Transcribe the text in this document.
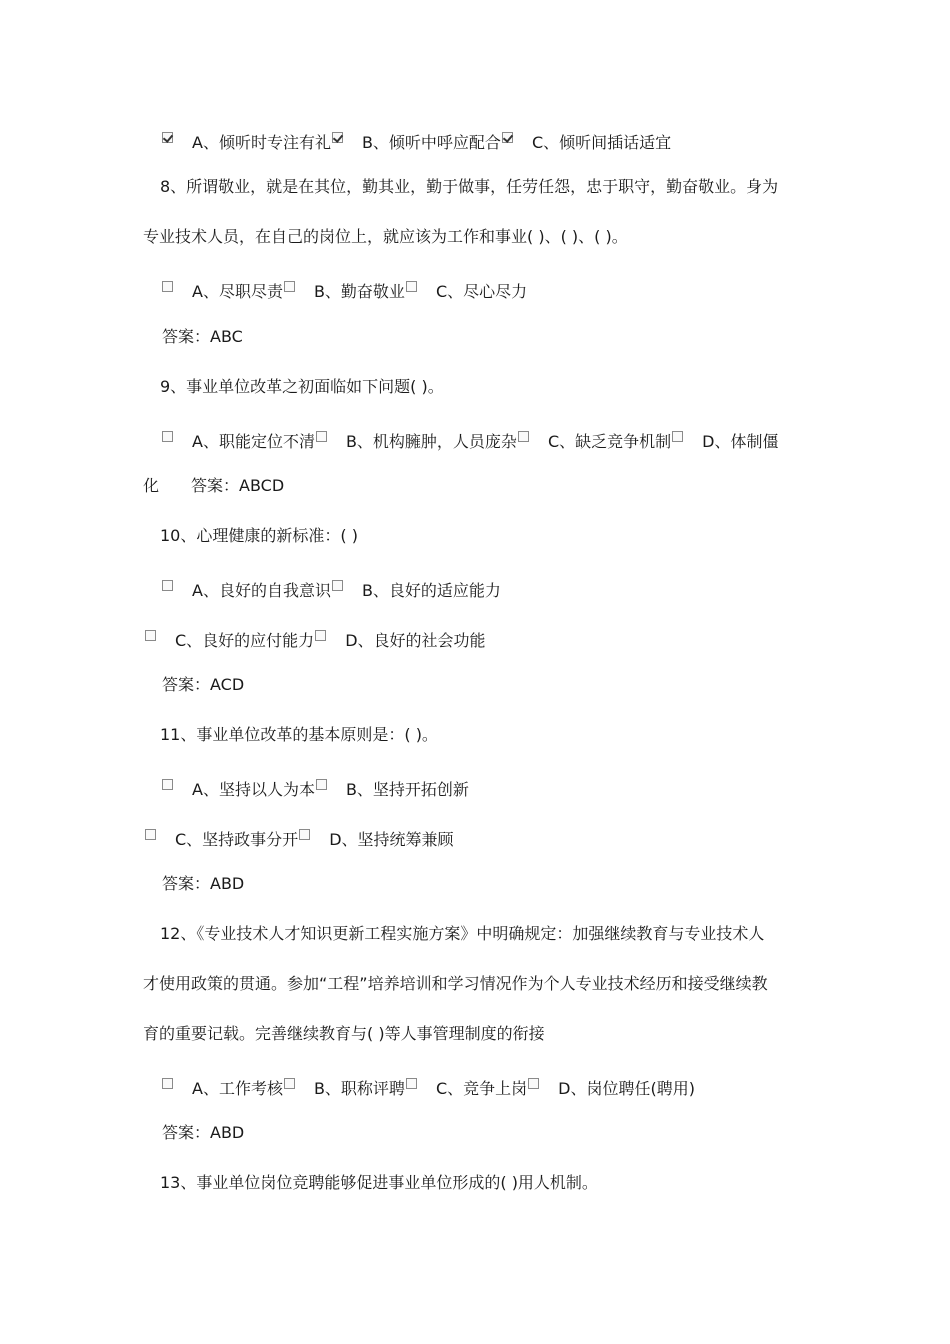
A、倾听时专注有礼 B、倾听中呼应配合 C、倾听间插话适宜
8、所谓敬业，就是在其位，勤其业，勤于做事，任劳任怨，忠于职守，勤奋敬业。身为
专业技术人员，在自己的岗位上，就应该为工作和事业( )、( )、( )。
A、尽职尽责 B、勤奋敬业 C、尽心尽力
答案：ABC
9、事业单位改革之初面临如下问题( )。
A、职能定位不清 B、机构臃肿，人员庞杂 C、缺乏竞争机制 D、体制僵
化　　答案：ABCD
10、心理健康的新标准：( )
A、良好的自我意识 B、良好的适应能力
C、良好的应付能力 D、良好的社会功能
答案：ACD
11、事业单位改革的基本原则是：( )。
A、坚持以人为本 B、坚持开拓创新
C、坚持政事分开 D、坚持统筹兼顾
答案：ABD
12、《专业技术人才知识更新工程实施方案》中明确规定：加强继续教育与专业技术人
才使用政策的贯通。参加“工程”培养培训和学习情况作为个人专业技术经历和接受继续教
育的重要记载。完善继续教育与( )等人事管理制度的衔接
A、工作考核 B、职称评聘 C、竞争上岗 D、岗位聘任(聘用)
答案：ABD
13、事业单位岗位竞聘能够促进事业单位形成的( )用人机制。
